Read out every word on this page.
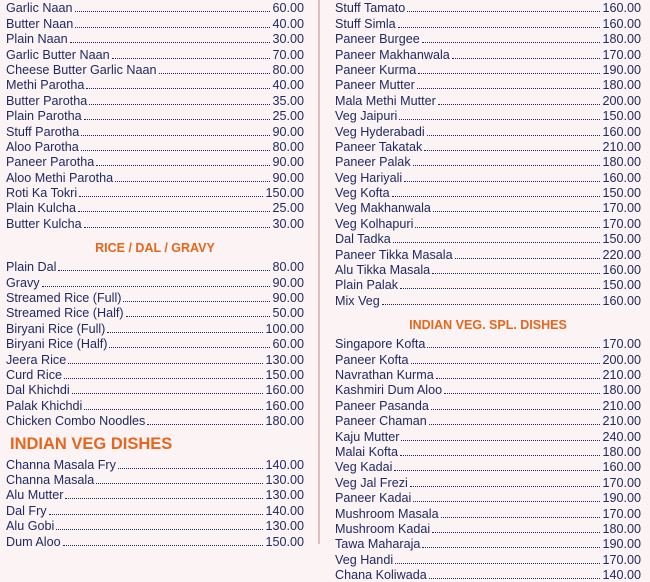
Garlic Naan	60.00
Butter Naan	40.00
Plain Naan	30.00
Garlic Butter Naan	70.00
Cheese Butter Garlic Naan	80.00
Methi Parotha	40.00
Butter Parotha	35.00
Plain Parotha	25.00
Stuff Parotha	90.00
Aloo Parotha	80.00
Paneer Parotha	90.00
Aloo Methi Parotha	90.00
Roti Ka Tokri	150.00
Plain Kulcha	25.00
Butter Kulcha	30.00
RICE / DAL / GRAVY
Plain Dal	80.00
Gravy	90.00
Streamed Rice (Full)	90.00
Streamed Rice (Half)	50.00
Biryani Rice (Full)	100.00
Biryani Rice (Half)	60.00
Jeera Rice	130.00
Curd Rice	150.00
Dal Khichdi	160.00
Palak Khichdi	160.00
Chicken Combo Noodles	180.00
INDIAN VEG DISHES
Channa Masala Fry	140.00
Channa Masala	130.00
Alu Mutter	130.00
Dal Fry	140.00
Alu Gobi	130.00
Dum Aloo	150.00
Stuff Tamato	160.00
Stuff Simla	160.00
Paneer Burgee	180.00
Paneer Makhanwala	170.00
Paneer Kurma	190.00
Paneer Mutter	180.00
Mala Methi Mutter	200.00
Veg Jaipuri	150.00
Veg Hyderabadi	160.00
Paneer Takatak	210.00
Paneer Palak	180.00
Veg Hariyali	160.00
Veg Kofta	150.00
Veg Makhanwala	170.00
Veg Kolhapuri	170.00
Dal Tadka	150.00
Paneer Tikka Masala	220.00
Alu Tikka Masala	160.00
Plain Palak	150.00
Mix Veg	160.00
INDIAN VEG. SPL. DISHES
Singapore Kofta	170.00
Paneer Kofta	200.00
Navrathan Kurma	210.00
Kashmiri Dum Aloo	180.00
Paneer Pasanda	210.00
Paneer Chaman	210.00
Kaju Mutter	240.00
Malai Kofta	180.00
Veg Kadai	160.00
Veg Jal Frezi	170.00
Paneer Kadai	190.00
Mushroom Masala	170.00
Mushroom Kadai	180.00
Tawa Maharaja	190.00
Veg Handi	170.00
Chana Koliwada	140.00
